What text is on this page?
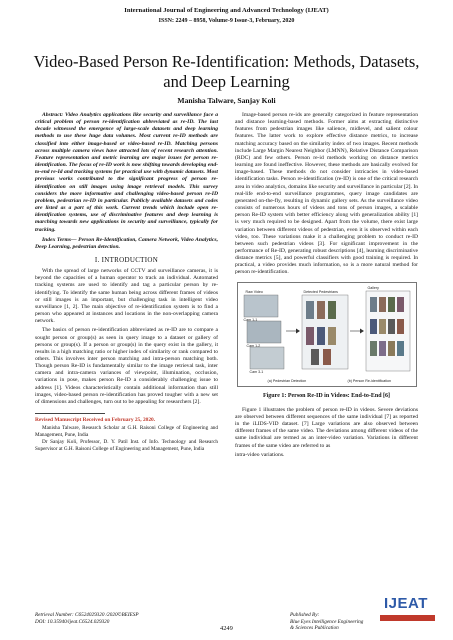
International Journal of Engineering and Advanced Technology (IJEAT)
ISSN: 2249 – 8958, Volume-9 Issue-3, February, 2020
Video-Based Person Re-Identification: Methods, Datasets, and Deep Learning
Manisha Talware, Sanjay Koli

Abstract: Video Analytics applications like security and surveillance face a critical problem of person re-identification abbreviated as re-ID. The last decade witnessed the emergence of large-scale datasets and deep learning methods to use these huge data volumes. Most current re-ID methods are classified into either image-based or video-based re-ID. Matching persons across multiple camera views have attracted lots of recent research attention. Feature representation and metric learning are major issues for person re-identification. The focus of re-ID work is now shifting towards developing end-to-end re-Id and tracking systems for practical use with dynamic datasets. Most previous works contributed to the significant progress of person re-identification on still images using image retrieval models. This survey considers the more informative and challenging video-based person re-ID problem, pedestrian re-ID in particular. Publicly available datasets and codes are listed as a part of this work. Current trends which include open re-identification systems, use of discriminative features and deep learning is marching towards new applications in security and surveillance, typically for tracking.

Index Terms— Person Re-Identification, Camera Network, Video Analytics, Deep Learning, pedestrian detection.

I. INTRODUCTION

With the spread of large networks of CCTV and surveillance cameras, it is beyond the capacities of a human operator to track an individual. Automated tracking systems are used to identify and tag a particular person by re-identifying. To identify the same human being across different frames of videos or still images is an important, but challenging task in intelligent video surveillance [1, 2]. The main objective of re-identification system is to find a person who appeared at instances and locations in the non-overlapping camera network.

The basics of person re-identification abbreviated as re-ID are to compare a sought person or group(s) as seen in query image to a dataset or gallery of persons or group(s). If a person or group(s) in the query exist in the gallery, it results in a high matching ratio or higher index of similarity or rank compared to others. This involves inter person matching and intra-person matching both. Though person Re-ID is fundamentally similar to the image retrieval task, inter camera and intra-camera variances of viewpoint, illumination, occlusion, variations in pose, makes person Re-ID a considerably challenging issue to address [1]. Videos characteristically contain additional information than still images, video-based person re-identification has proved tougher with a new set of dimensions and challenges, turn out to be appealing for researchers [2].

Revised Manuscript Received on February 25, 2020.
Manisha Talware, Research Scholar at G.H. Raisoni College of Engineering and Management, Pune, India
Dr Sanjay Koli, Professor, D. Y. Patil Inst. of Info. Technology and Research Supervisor at G.H. Raisoni College of Engineering and Management, Pune, India

Image-based person re-ids are generally categorized in feature representation and distance learning-based methods. Former aims at extracting distinctive features from pedestrian images like salience, midlevel, and salient colour features. The latter work to explore effective distance metrics, to increase matching accuracy based on the similarity index of two images. Recent methods include Large Margin Nearest Neighbor (LMNN), Relative Distance Comparison (RDC) and few others. Person re-id methods working on distance metrics learning are found ineffective. However, these methods are basically evolved for image-based. These methods do not consider intricacies in video-based identification tasks. Person re-identification (re-ID) is one of the critical research area in video analytics, domains like security and surveillance in particular [2]. In real-life end-to-end surveillance programmes, query image candidates are generated on-the-fly, resulting in dynamic gallery sets. As the surveillance video consists of numerous hours of videos and tons of person images, a scalable person Re-ID system with better efficiency along with generalization ability [1] is very much required to be designed. Apart from the volume, there exist large variation between different videos of pedestrian, even it is observed within each video, too. These variations make it a challenging problem to conduct re-ID between such pedestrian videos [3]. For significant improvement in the performance of Re-ID, generating robust descriptions [4], learning discriminative distance metrics [5], and powerful classifiers with good training is required. In practical, a video provides much information, so is a more natural method for person re-identification.

Gallery
Raw Video	Detected Pedestrians
Cam 1-1
Cam 1-2
Cam 3-1
(a) Pedestrian Detection	(b) Person Re-identification
Figure 1: Person Re-ID in Videos: End-to-End [6]

Figure 1 illustrates the problem of person re-ID in videos. Severe deviations are observed between different sequences of the same individual [7] as reported in the iLIDS-VID dataset. [7] Large variations are also observed between different frames of the same video. The deviations among different videos of the same individual are termed as an inter-video variation. Variations in different frames of the same video are referred to as

intra-video variations.

Retrieval Number: C6524029320 /2020©BEIESP
DOI: 10.35940/ijeat.C6524.029320
4249
Published By:
Blue Eyes Intelligence Engineering
& Sciences Publication
IJEAT
